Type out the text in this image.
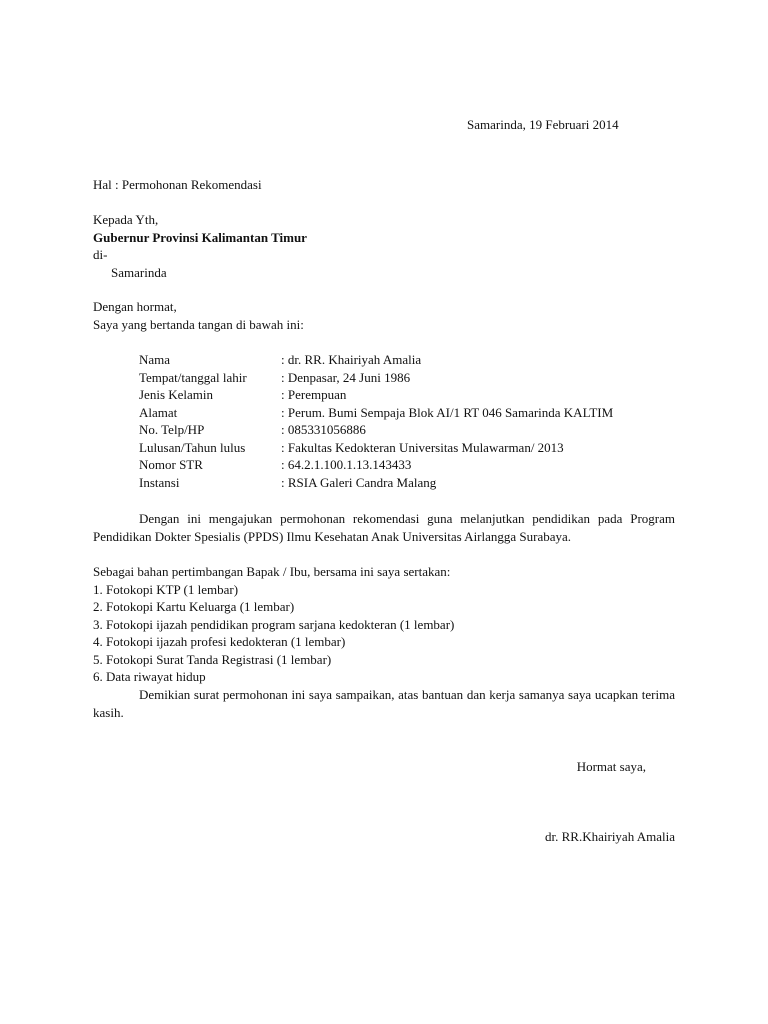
Samarinda, 19 Februari 2014
Hal : Permohonan Rekomendasi
Kepada Yth,
Gubernur Provinsi Kalimantan Timur
di-
Samarinda
Dengan hormat,
Saya yang bertanda tangan di bawah ini:
Nama	: dr. RR. Khairiyah Amalia
Tempat/tanggal lahir	: Denpasar, 24 Juni 1986
Jenis Kelamin	: Perempuan
Alamat	: Perum. Bumi Sempaja Blok AI/1 RT 046 Samarinda KALTIM
No. Telp/HP	: 085331056886
Lulusan/Tahun lulus	: Fakultas Kedokteran Universitas Mulawarman/ 2013
Nomor STR	: 64.2.1.100.1.13.143433
Instansi	: RSIA Galeri Candra Malang
Dengan ini mengajukan permohonan rekomendasi guna melanjutkan pendidikan pada Program Pendidikan Dokter Spesialis (PPDS) Ilmu Kesehatan Anak Universitas Airlangga Surabaya.
Sebagai bahan pertimbangan Bapak / Ibu, bersama ini saya sertakan:
1. Fotokopi KTP (1 lembar)
2. Fotokopi Kartu Keluarga (1 lembar)
3. Fotokopi ijazah pendidikan program sarjana kedokteran (1 lembar)
4. Fotokopi ijazah profesi kedokteran (1 lembar)
5. Fotokopi Surat Tanda Registrasi (1 lembar)
6. Data riwayat hidup
Demikian surat permohonan ini saya sampaikan, atas bantuan dan kerja samanya saya ucapkan terima kasih.
Hormat saya,
dr. RR.Khairiyah Amalia
